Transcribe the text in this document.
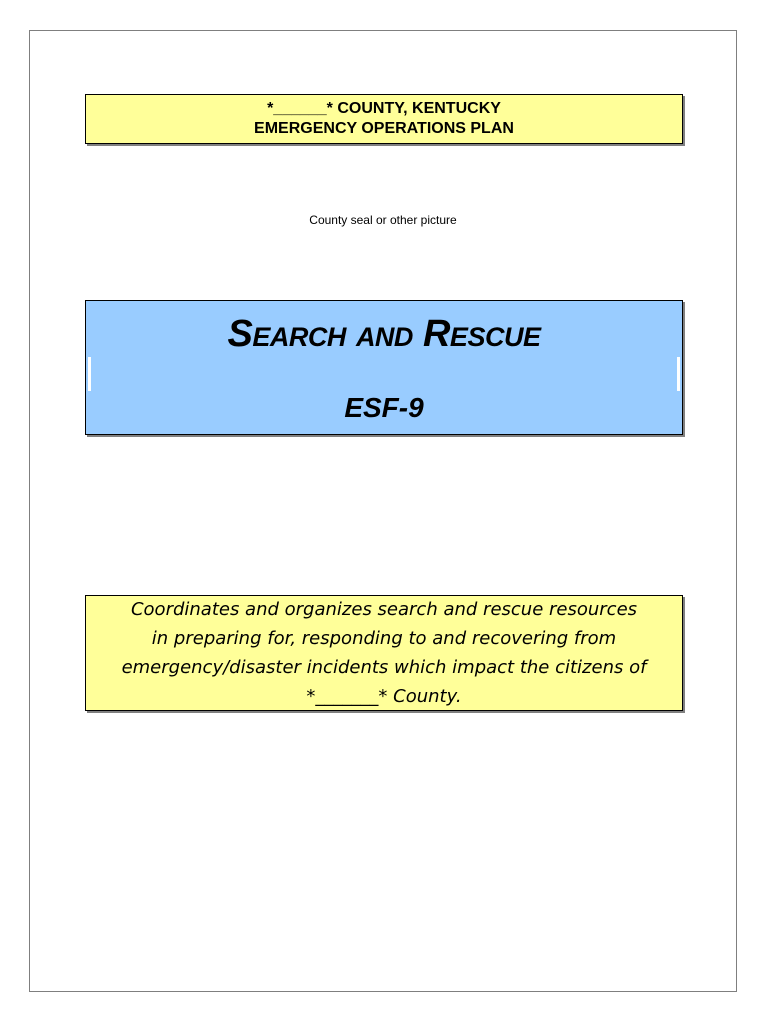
*______* COUNTY, KENTUCKY
EMERGENCY OPERATIONS PLAN
County seal or other picture
Search and Rescue
ESF-9
Coordinates and organizes search and rescue resources
in preparing for, responding to and recovering from
emergency/disaster incidents which impact the citizens of
*_______* County.
